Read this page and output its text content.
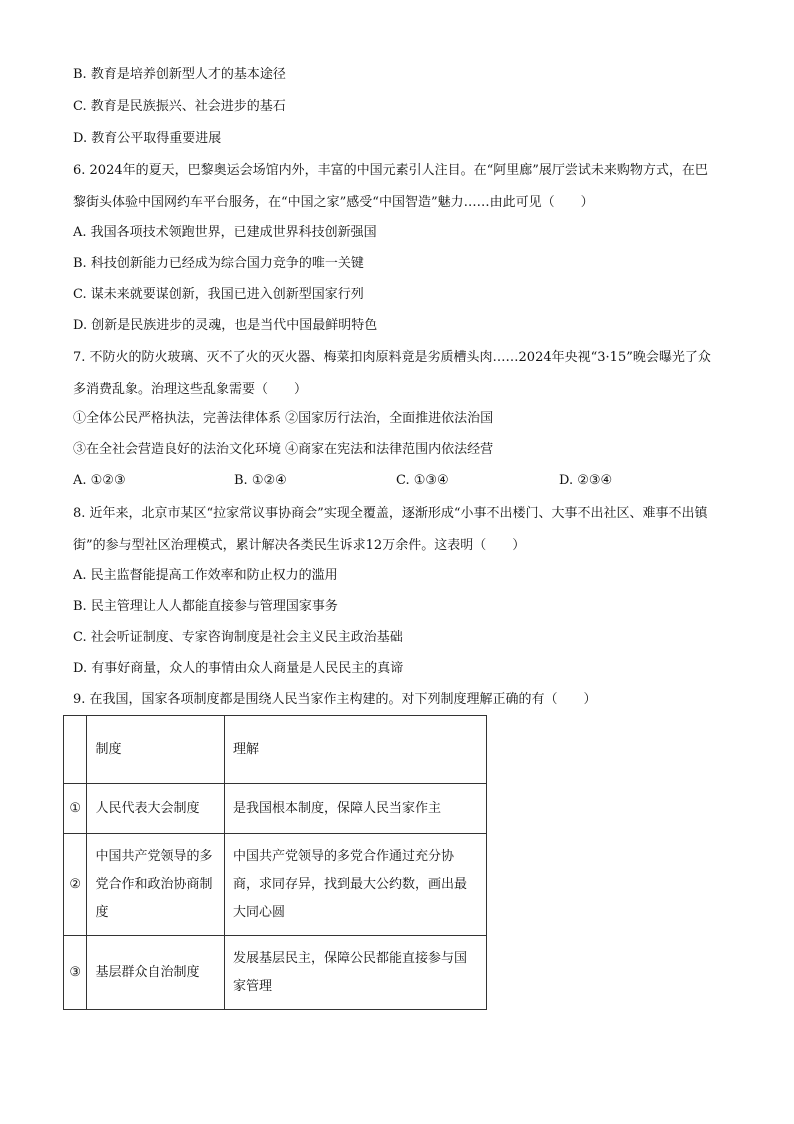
B. 教育是培养创新型人才的基本途径
C. 教育是民族振兴、社会进步的基石
D. 教育公平取得重要进展
6. 2024年的夏天，巴黎奥运会场馆内外，丰富的中国元素引人注目。在“阿里廊”展厅尝试未来购物方式，在巴黎街头体验中国网约车平台服务，在“中国之家”感受“中国智造”魅力……由此可见（　　）
A. 我国各项技术领跑世界，已建成世界科技创新强国
B. 科技创新能力已经成为综合国力竞争的唯一关键
C. 谋未来就要谋创新，我国已进入创新型国家行列
D. 创新是民族进步的灵魂，也是当代中国最鲜明特色
7. 不防火的防火玻璃、灭不了火的灭火器、梅菜扣肉原料竟是劣质槽头肉……2024年央视“3·15”晚会曝光了众多消费乱象。治理这些乱象需要（　　）
①全体公民严格执法，完善法律体系 ②国家厉行法治，全面推进依法治国
③在全社会营造良好的法治文化环境 ④商家在宪法和法律范围内依法经营
A. ①②③	B. ①②④	C. ①③④	D. ②③④
8. 近年来，北京市某区“拉家常议事协商会”实现全覆盖，逐渐形成“小事不出楼门、大事不出社区、难事不出镇街”的参与型社区治理模式，累计解决各类民生诉求12万余件。这表明（　　）
A. 民主监督能提高工作效率和防止权力的滥用
B. 民主管理让人人都能直接参与管理国家事务
C. 社会听证制度、专家咨询制度是社会主义民主政治基础
D. 有事好商量，众人的事情由众人商量是人民民主的真谛
9. 在我国，国家各项制度都是围绕人民当家作主构建的。对下列制度理解正确的有（　　）
	制度	理解
①	人民代表大会制度	是我国根本制度，保障人民当家作主
②	中国共产党领导的多党合作和政治协商制度	中国共产党领导的多党合作通过充分协商，求同存异，找到最大公约数，画出最大同心圆
③	基层群众自治制度	发展基层民主，保障公民都能直接参与国家管理
